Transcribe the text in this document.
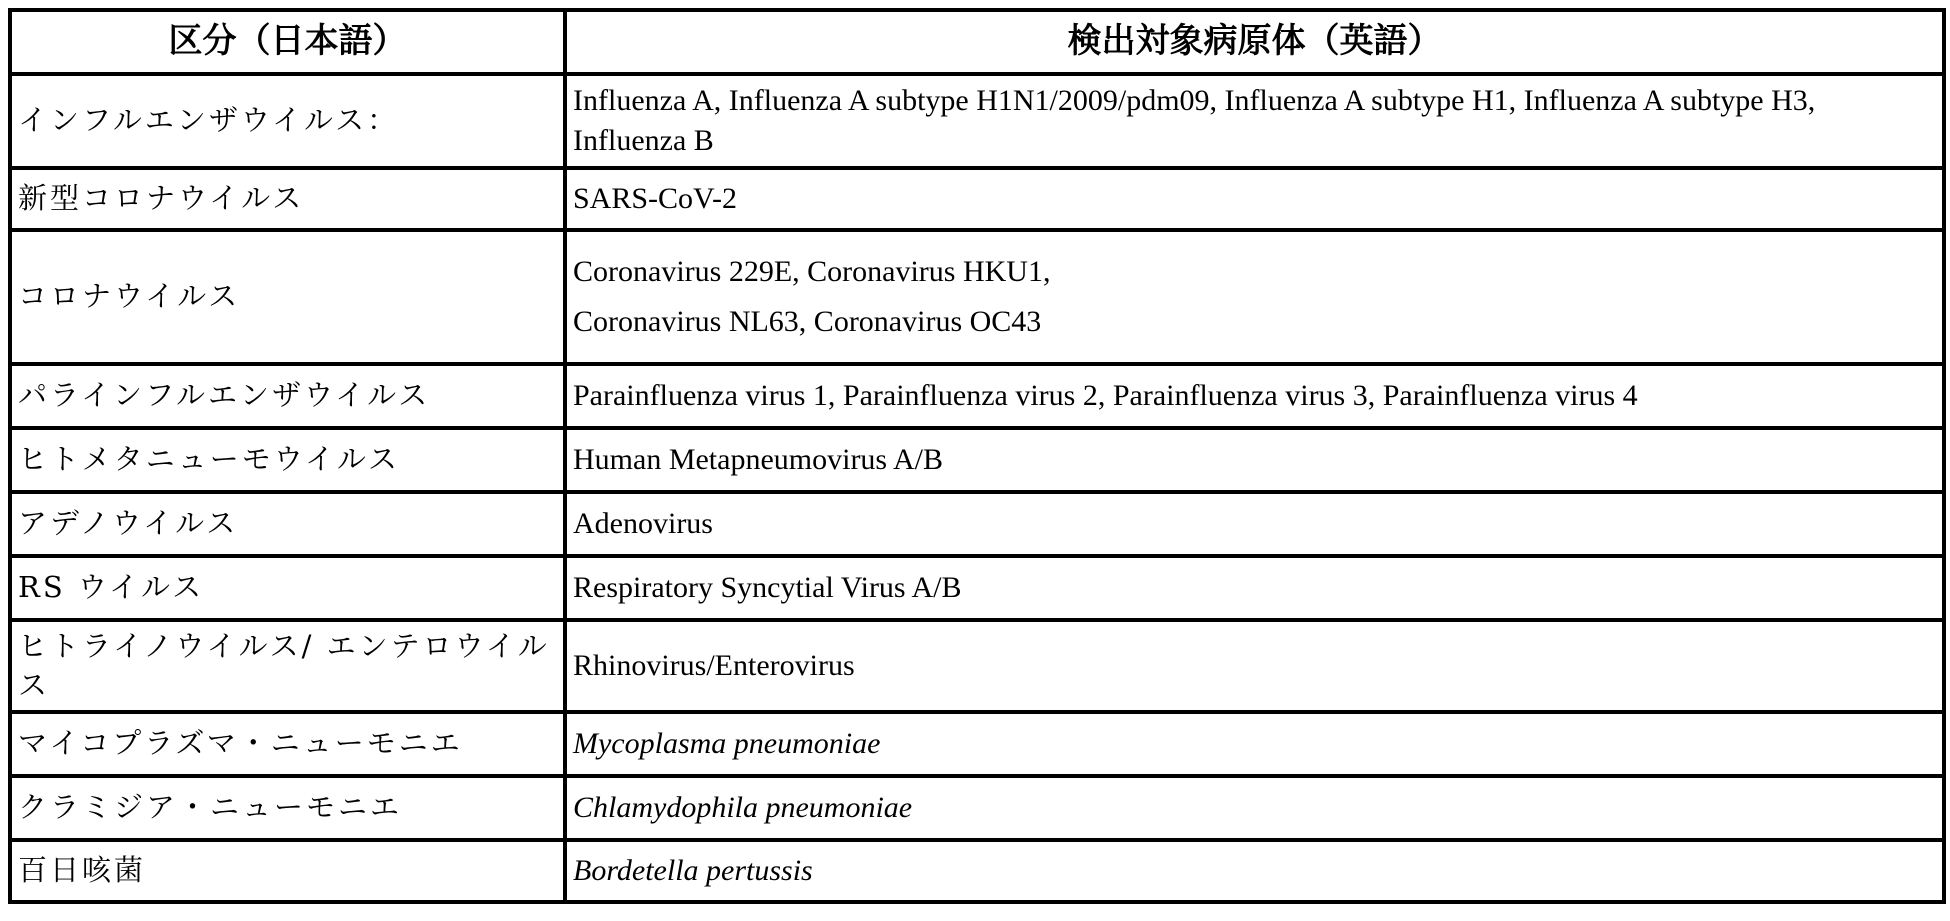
区分（日本語）	検出対象病原体（英語）
インフルエンザウイルス：	Influenza A, Influenza A subtype H1N1/2009/pdm09, Influenza A subtype H1, Influenza A subtype H3, Influenza B

新型コロナウイルス	SARS-CoV-2

コロナウイルス	Coronavirus 229E, Coronavirus HKU1,
Coronavirus NL63, Coronavirus OC43

パラインフルエンザウイルス	Parainfluenza virus 1, Parainfluenza virus 2, Parainfluenza virus 3, Parainfluenza virus 4

ヒトメタニューモウイルス	Human Metapneumovirus A/B

アデノウイルス	Adenovirus

RS ウイルス	Respiratory Syncytial Virus A/B

ヒトライノウイルス/ エンテロウイルス	Rhinovirus/Enterovirus

マイコプラズマ・ニューモニエ	Mycoplasma pneumoniae

クラミジア・ニューモニエ	Chlamydophila pneumoniae

百日咳菌	Bordetella pertussis
